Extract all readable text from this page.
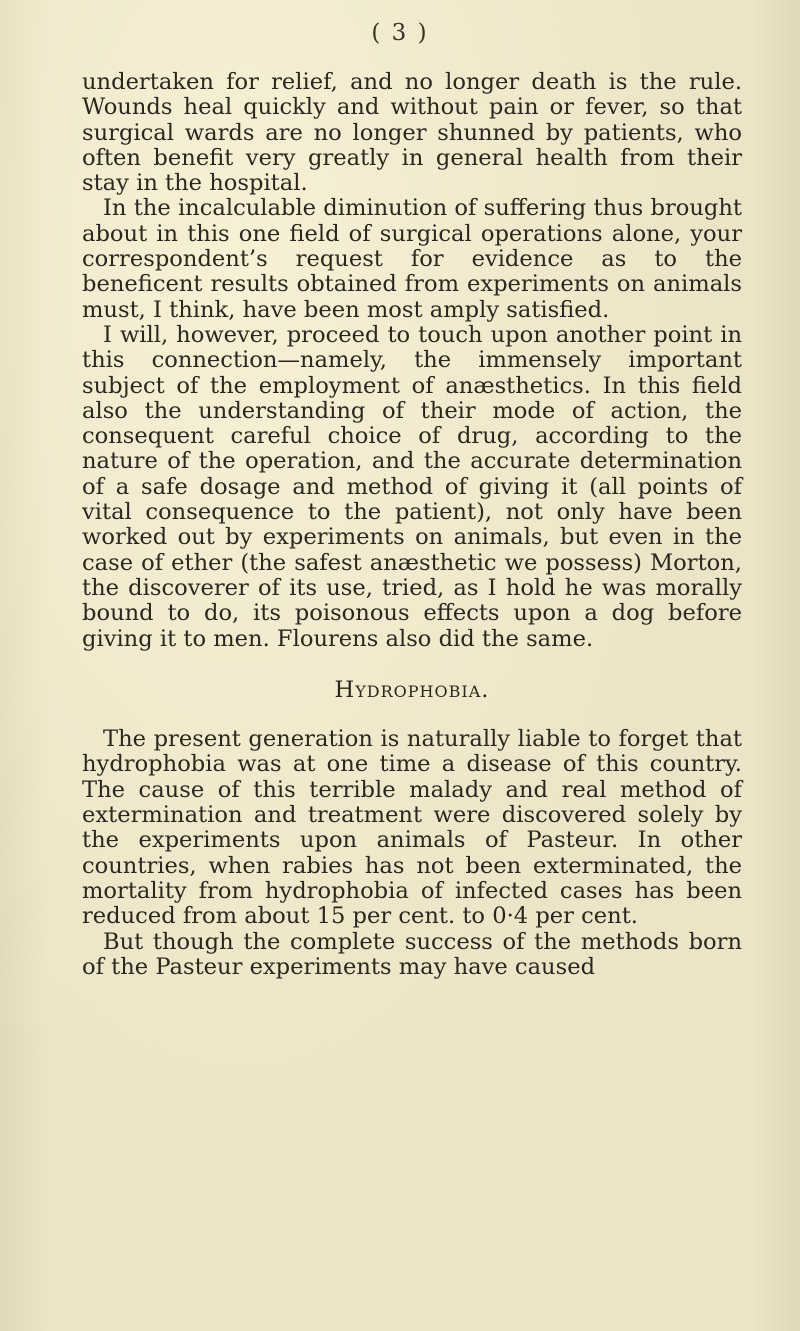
( 3 )

undertaken for relief, and no longer death is the rule. Wounds heal quickly and without pain or fever, so that surgical wards are no longer shunned by patients, who often benefit very greatly in general health from their stay in the hospital.

In the incalculable diminution of suffering thus brought about in this one field of surgical operations alone, your correspondent’s request for evidence as to the beneficent results obtained from experiments on animals must, I think, have been most amply satisfied.

I will, however, proceed to touch upon another point in this connection—namely, the immensely important subject of the employment of anæsthetics. In this field also the understanding of their mode of action, the consequent careful choice of drug, according to the nature of the operation, and the accurate determination of a safe dosage and method of giving it (all points of vital consequence to the patient), not only have been worked out by experiments on animals, but even in the case of ether (the safest anæsthetic we possess) Morton, the discoverer of its use, tried, as I hold he was morally bound to do, its poisonous effects upon a dog before giving it to men. Flourens also did the same.

Hydrophobia.

The present generation is naturally liable to forget that hydrophobia was at one time a disease of this country. The cause of this terrible malady and real method of extermination and treatment were discovered solely by the experiments upon animals of Pasteur. In other countries, when rabies has not been exterminated, the mortality from hydrophobia of infected cases has been reduced from about 15 per cent. to 0·4 per cent.

But though the complete success of the methods born of the Pasteur experiments may have caused
